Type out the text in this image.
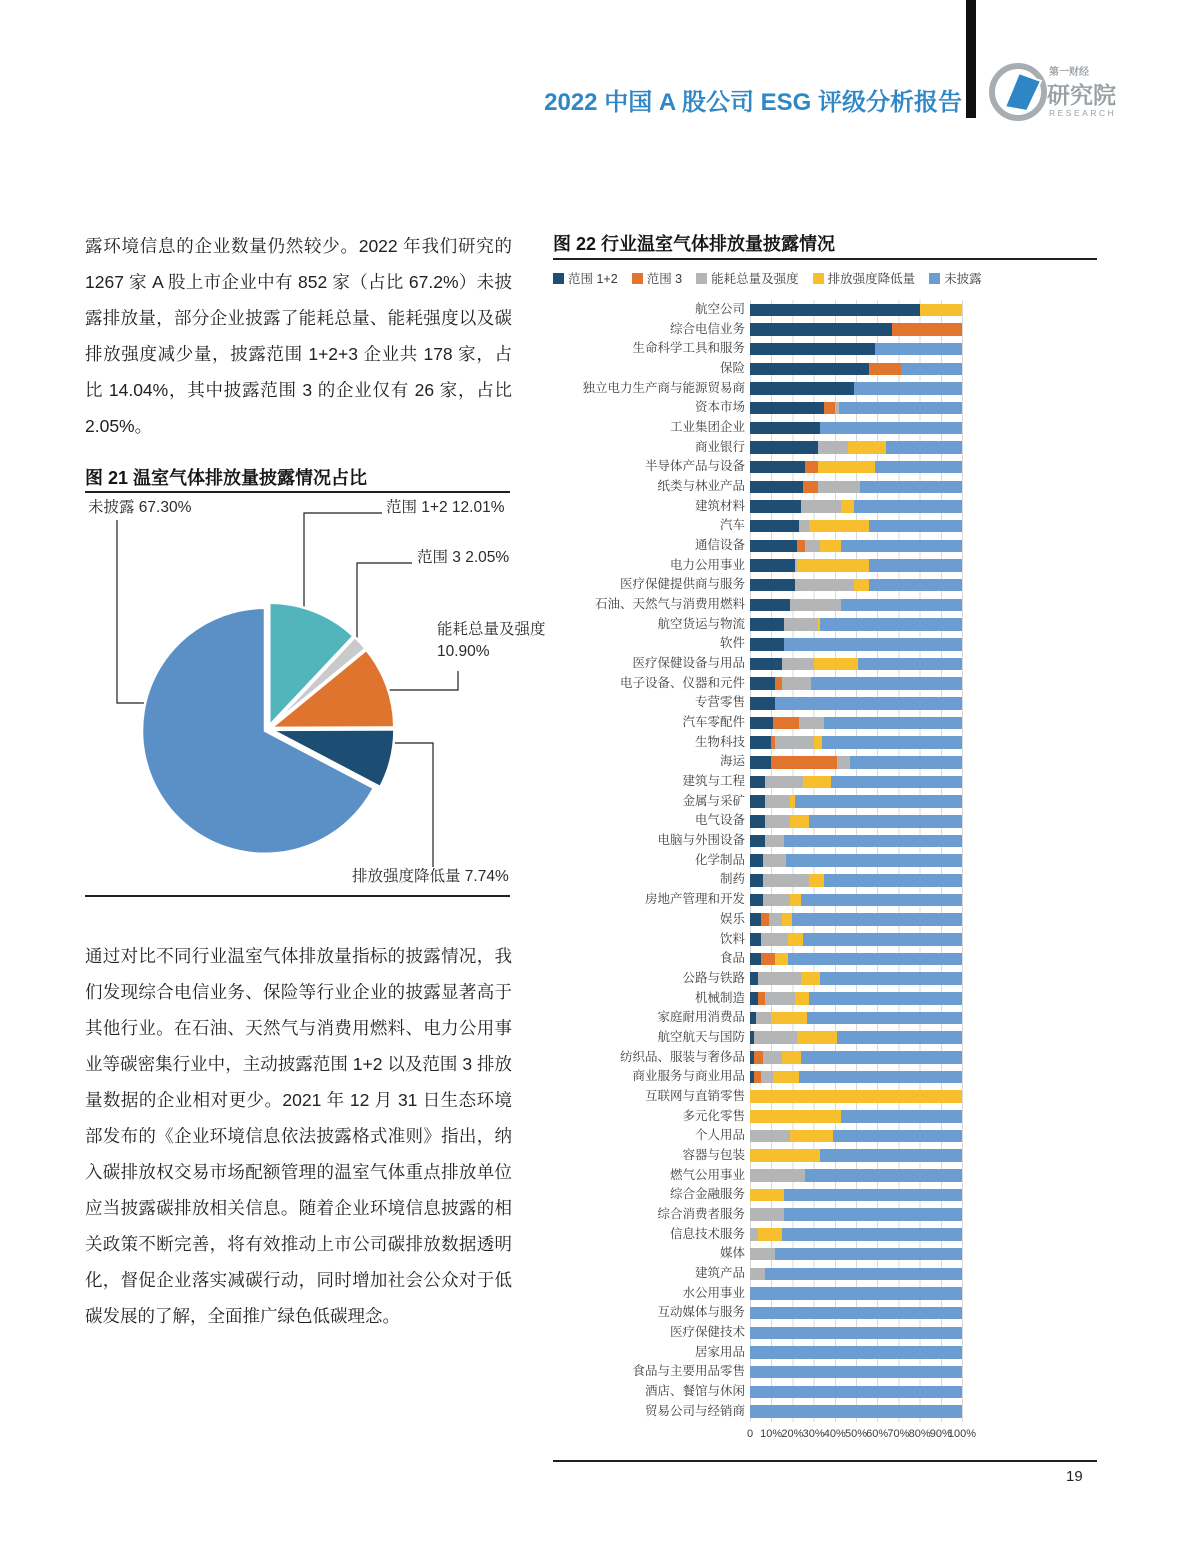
2022 中国 A 股公司 ESG 评级分析报告
第一财经
研究院
RESEARCH
露环境信息的企业数量仍然较少。2022 年我们研究的 1267 家 A 股上市企业中有 852 家（占比 67.2%）未披露排放量，部分企业披露了能耗总量、能耗强度以及碳排放强度减少量，披露范围 1+2+3 企业共 178 家，占比 14.04%，其中披露范围 3 的企业仅有 26 家，占比 2.05%。
图 21 温室气体排放量披露情况占比
未披露 67.30%	范围 1+2 12.01%
范围 3 2.05%
能耗总量及强度
10.90%
排放强度降低量 7.74%
通过对比不同行业温室气体排放量指标的披露情况，我们发现综合电信业务、保险等行业企业的披露显著高于其他行业。在石油、天然气与消费用燃料、电力公用事业等碳密集行业中，主动披露范围 1+2 以及范围 3 排放量数据的企业相对更少。2021 年 12 月 31 日生态环境部发布的《企业环境信息依法披露格式准则》指出，纳入碳排放权交易市场配额管理的温室气体重点排放单位应当披露碳排放相关信息。随着企业环境信息披露的相关政策不断完善，将有效推动上市公司碳排放数据透明化，督促企业落实减碳行动，同时增加社会公众对于低碳发展的了解，全面推广绿色低碳理念。
图 22 行业温室气体排放量披露情况
范围 1+2 范围 3 能耗总量及强度 排放强度降低量 未披露
航空公司
综合电信业务
生命科学工具和服务
保险
独立电力生产商与能源贸易商
资本市场
工业集团企业
商业银行
半导体产品与设备
纸类与林业产品
建筑材料
汽车
通信设备
电力公用事业
医疗保健提供商与服务
石油、天然气与消费用燃料
航空货运与物流
软件
医疗保健设备与用品
电子设备、仪器和元件
专营零售
汽车零配件
生物科技
海运
建筑与工程
金属与采矿
电气设备
电脑与外围设备
化学制品
制药
房地产管理和开发
娱乐
饮料
食品
公路与铁路
机械制造
家庭耐用消费品
航空航天与国防
纺织品、服装与奢侈品
商业服务与商业用品
互联网与直销零售
多元化零售
个人用品
容器与包装
燃气公用事业
综合金融服务
综合消费者服务
信息技术服务
媒体
建筑产品
水公用事业
互动媒体与服务
医疗保健技术
居家用品
食品与主要用品零售
酒店、餐馆与休闲
贸易公司与经销商
0 10% 20% 30% 40% 50% 60% 70% 80% 90%
100%
19
